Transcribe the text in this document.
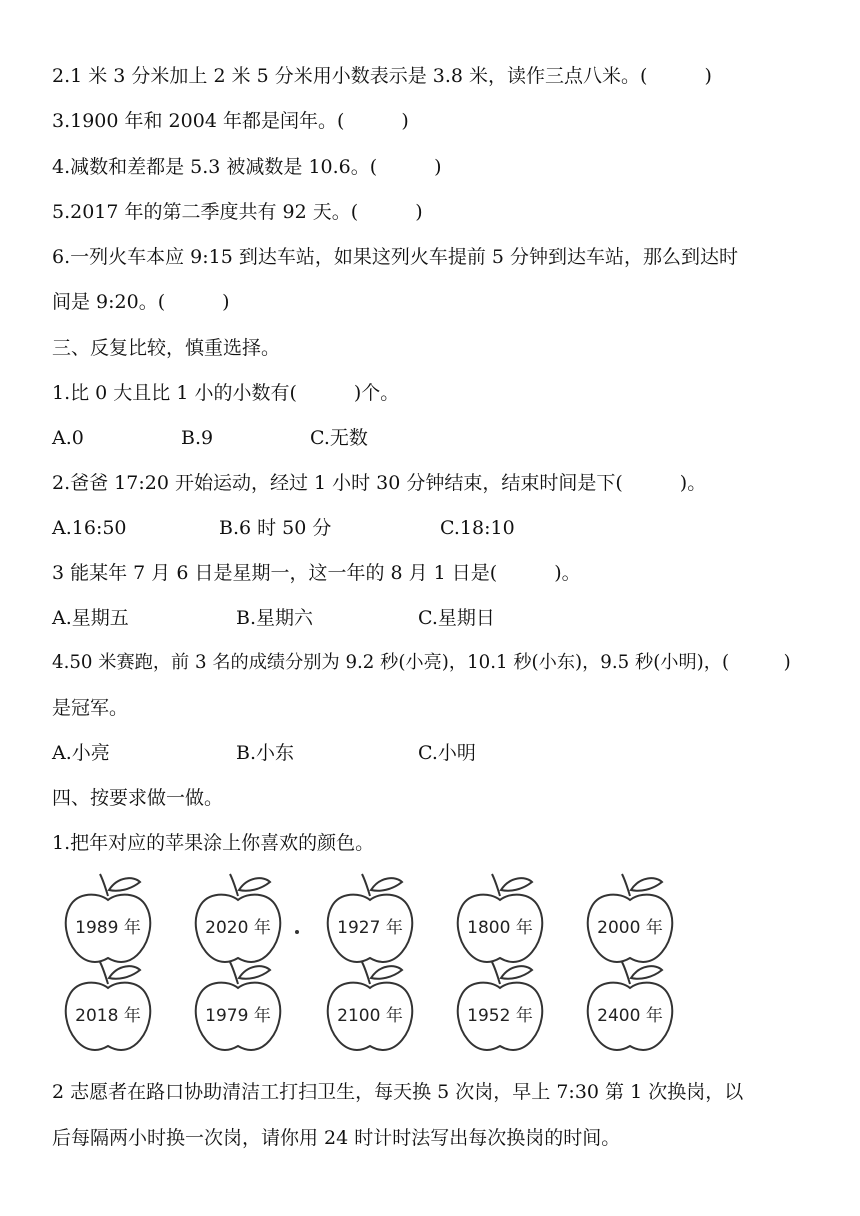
2.1 米 3 分米加上 2 米 5 分米用小数表示是 3.8 米，读作三点八米。(　　　)
3.1900 年和 2004 年都是闰年。(　　　)
4.减数和差都是 5.3 被减数是 10.6。(　　　)
5.2017 年的第二季度共有 92 天。(　　　)
6.一列火车本应 9:15 到达车站，如果这列火车提前 5 分钟到达车站，那么到达时
间是 9:20。(　　　)
三、反复比较，慎重选择。
1.比 0 大且比 1 小的小数有(　　　)个。
A.0	B.9	C.无数
2.爸爸 17:20 开始运动，经过 1 小时 30 分钟结束，结束时间是下(　　　)。
A.16:50	B.6 时 50 分	C.18:10
3 能某年 7 月 6 日是星期一，这一年的 8 月 1 日是(　　　)。
A.星期五	B.星期六	C.星期日
4.50 米赛跑，前 3 名的成绩分别为 9.2 秒(小亮)，10.1 秒(小东)，9.5 秒(小明)，(　　　)
是冠军。
A.小亮	B.小东	C.小明
四、按要求做一做。
1.把年对应的苹果涂上你喜欢的颜色。
1989 年	2020 年	1927 年	1800 年	2000 年
2018 年	1979 年	2100 年	1952 年	2400 年
2 志愿者在路口协助清洁工打扫卫生，每天换 5 次岗，早上 7:30 第 1 次换岗，以
后每隔两小时换一次岗，请你用 24 时计时法写出每次换岗的时间。
